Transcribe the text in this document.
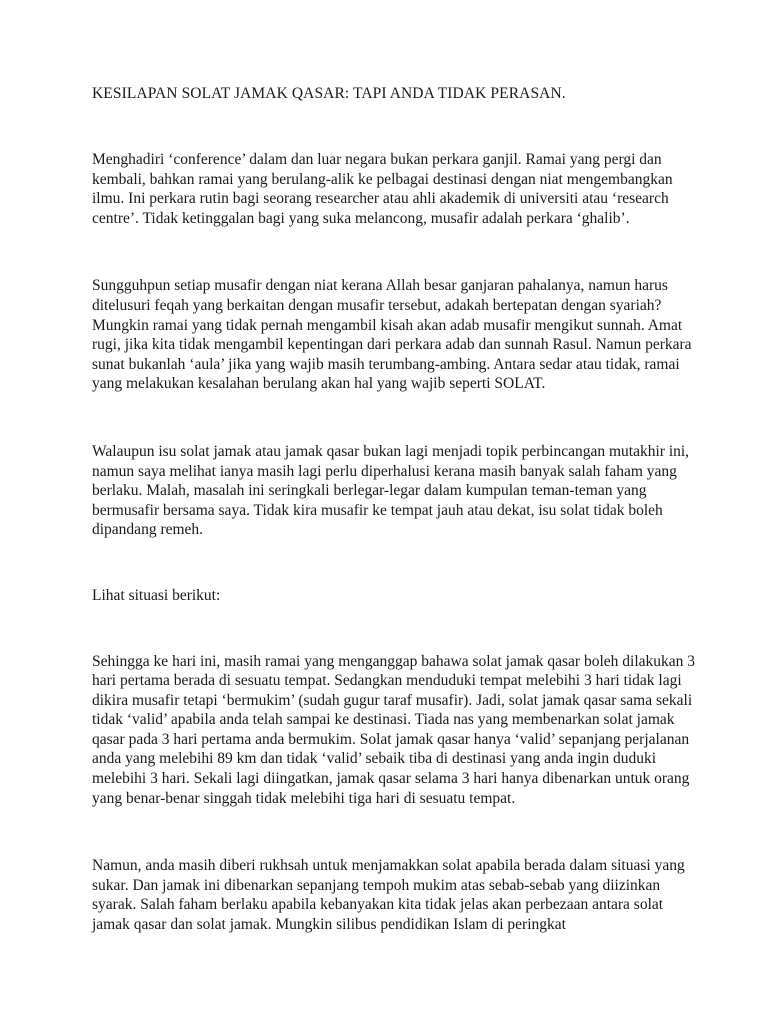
KESILAPAN SOLAT JAMAK QASAR: TAPI ANDA TIDAK PERASAN.

Menghadiri ‘conference’ dalam dan luar negara bukan perkara ganjil. Ramai yang pergi dan kembali, bahkan ramai yang berulang-alik ke pelbagai destinasi dengan niat mengembangkan ilmu. Ini perkara rutin bagi seorang researcher atau ahli akademik di universiti atau ‘research centre’. Tidak ketinggalan bagi yang suka melancong, musafir adalah perkara ‘ghalib’.

Sungguhpun setiap musafir dengan niat kerana Allah besar ganjaran pahalanya, namun harus ditelusuri feqah yang berkaitan dengan musafir tersebut, adakah bertepatan dengan syariah? Mungkin ramai yang tidak pernah mengambil kisah akan adab musafir mengikut sunnah. Amat rugi, jika kita tidak mengambil kepentingan dari perkara adab dan sunnah Rasul. Namun perkara sunat bukanlah ‘aula’ jika yang wajib masih terumbang-ambing. Antara sedar atau tidak, ramai yang melakukan kesalahan berulang akan hal yang wajib seperti SOLAT.

Walaupun isu solat jamak atau jamak qasar bukan lagi menjadi topik perbincangan mutakhir ini, namun saya melihat ianya masih lagi perlu diperhalusi kerana masih banyak salah faham yang berlaku. Malah, masalah ini seringkali berlegar-legar dalam kumpulan teman-teman yang bermusafir bersama saya. Tidak kira musafir ke tempat jauh atau dekat, isu solat tidak boleh dipandang remeh.

Lihat situasi berikut:

Sehingga ke hari ini, masih ramai yang menganggap bahawa solat jamak qasar boleh dilakukan 3 hari pertama berada di sesuatu tempat. Sedangkan menduduki tempat melebihi 3 hari tidak lagi dikira musafir tetapi ‘bermukim’ (sudah gugur taraf musafir). Jadi, solat jamak qasar sama sekali tidak ‘valid’ apabila anda telah sampai ke destinasi. Tiada nas yang membenarkan solat jamak qasar pada 3 hari pertama anda bermukim. Solat jamak qasar hanya ‘valid’ sepanjang perjalanan anda yang melebihi 89 km dan tidak ‘valid’ sebaik tiba di destinasi yang anda ingin duduki melebihi 3 hari. Sekali lagi diingatkan, jamak qasar selama 3 hari hanya dibenarkan untuk orang yang benar-benar singgah tidak melebihi tiga hari di sesuatu tempat.

Namun, anda masih diberi rukhsah untuk menjamakkan solat apabila berada dalam situasi yang sukar. Dan jamak ini dibenarkan sepanjang tempoh mukim atas sebab-sebab yang diizinkan syarak. Salah faham berlaku apabila kebanyakan kita tidak jelas akan perbezaan antara solat jamak qasar dan solat jamak. Mungkin silibus pendidikan Islam di peringkat
